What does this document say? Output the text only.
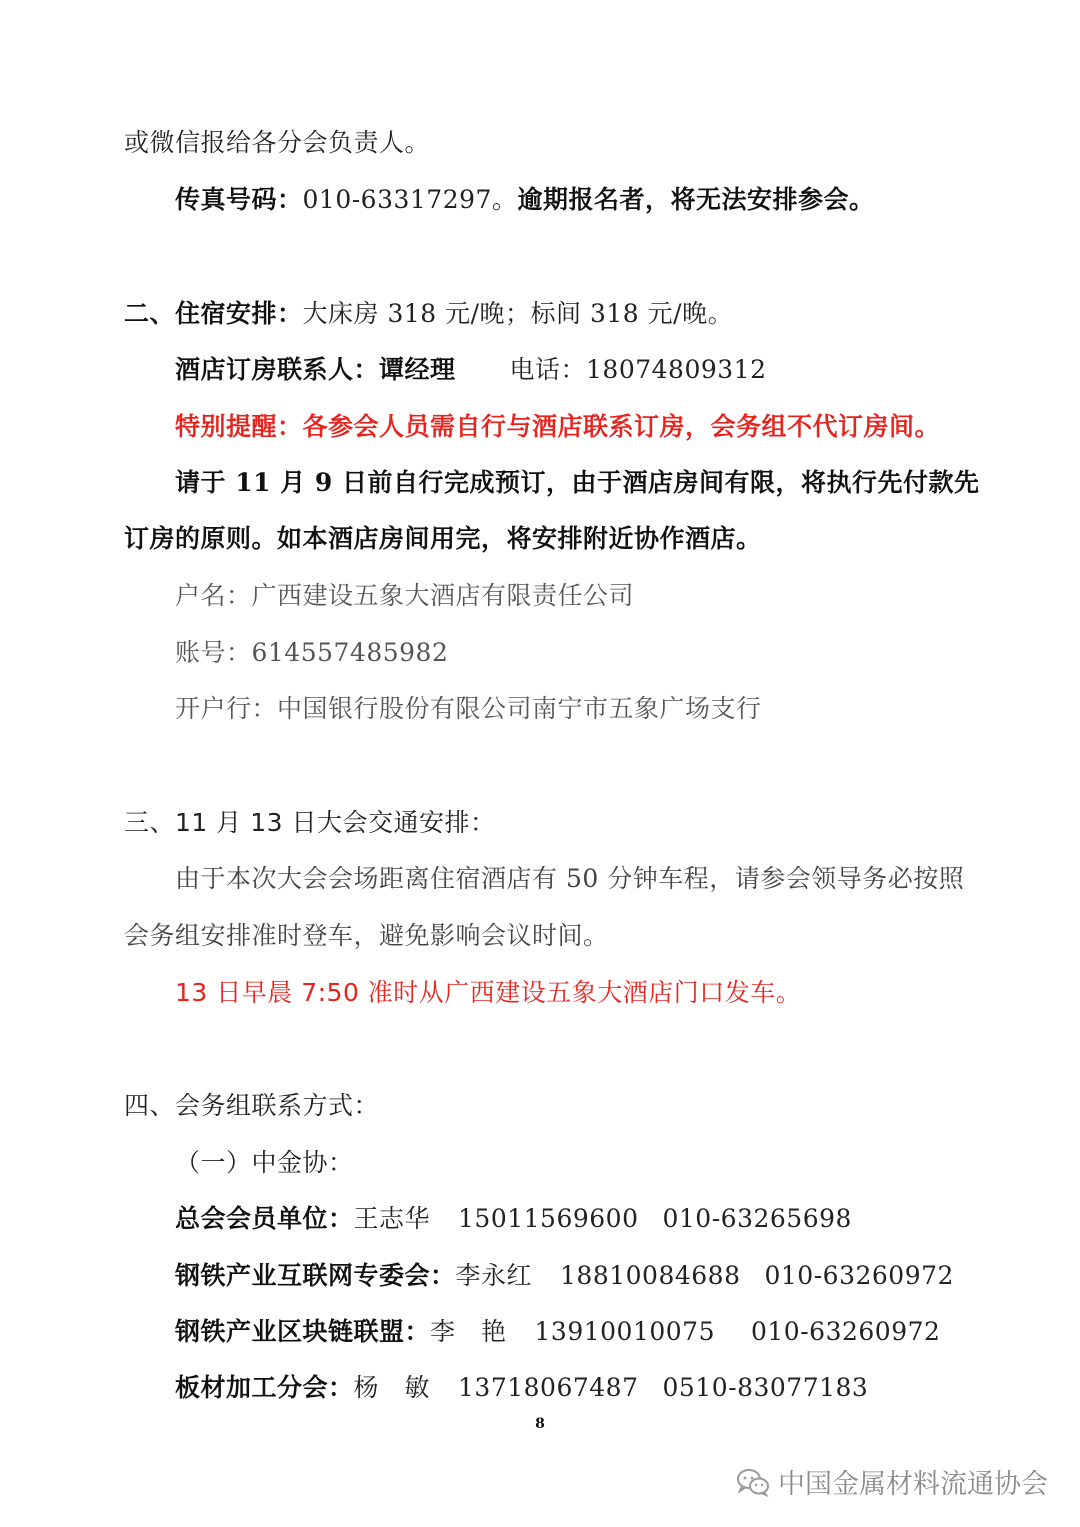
或微信报给各分会负责人。
传真号码：010-63317297。逾期报名者，将无法安排参会。
二、住宿安排：大床房 318 元/晚；标间 318 元/晚。
酒店订房联系人：谭经理 电话：18074809312
特别提醒：各参会人员需自行与酒店联系订房，会务组不代订房间。
请于 11 月 9 日前自行完成预订，由于酒店房间有限，将执行先付款先
订房的原则。如本酒店房间用完，将安排附近协作酒店。
户名：广西建设五象大酒店有限责任公司
账号：614557485982
开户行：中国银行股份有限公司南宁市五象广场支行
三、11 月 13 日大会交通安排：
由于本次大会会场距离住宿酒店有 50 分钟车程，请参会领导务必按照
会务组安排准时登车，避免影响会议时间。
13 日早晨 7:50 准时从广西建设五象大酒店门口发车。
四、会务组联系方式：
（一）中金协：
总会会员单位：王志华 15011569600 010-63265698
钢铁产业互联网专委会：李永红 18810084688 010-63260972
钢铁产业区块链联盟：李　艳 13910010075 010-63260972
板材加工分会：杨　敏 13718067487 0510-83077183
8
中国金属材料流通协会
